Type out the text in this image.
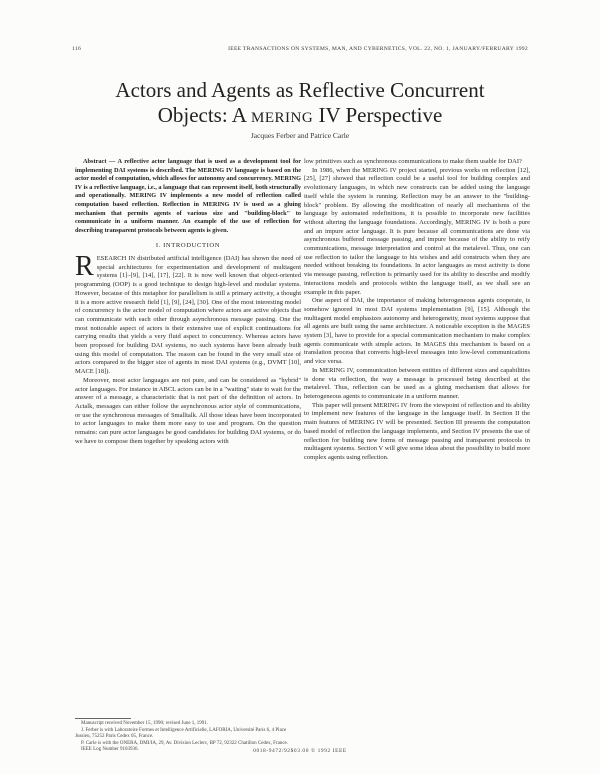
116	IEEE TRANSACTIONS ON SYSTEMS, MAN, AND CYBERNETICS, VOL. 22, NO. 1, JANUARY/FEBRUARY 1992
Actors and Agents as Reflective Concurrent
Objects: A MERING IV Perspective
Jacques Ferber and Patrice Carle

Abstract — A reflective actor language that is used as a development tool for implementing DAI systems is described. The MERING IV language is based on the actor model of computation, which allows for autonomy and concurrency. MERING IV is a reflective language, i.e., a language that can represent itself, both structurally and operationally. MERING IV implements a new model of reflection called computation based reflection. Reflection in MERING IV is used as a gluing mechanism that permits agents of various size and "building-block" to communicate in a uniform manner. An example of the use of reflection for describing transparent protocols between agents is given.

I. INTRODUCTION

RESEARCH IN distributed artificial intelligence (DAI) has shown the need of special architectures for experimentation and development of multiagent systems [1]–[9], [14], [17], [22]. It is now well known that object-oriented programming (OOP) is a good technique to design high-level and modular systems. However, because of this metaphor for parallelism is still a primary activity, a thought it is a more active research field [1], [9], [24], [30]. One of the most interesting model of concurrency is the actor model of computation where actors are active objects that can communicate with each other through asynchronous message passing. One the most noticeable aspect of actors is their extensive use of explicit continuations for carrying results that yields a very fluid aspect to concurrency. Whereas actors have been proposed for building DAI systems, no such systems have been already built using this model of computation. The reason can be found in the very small size of actors compared to the bigger size of agents in most DAI systems (e.g., DVMT [10], MACE [18]).

Moreover, most actor languages are not pure, and can be considered as "hybrid" actor languages. For instance in ABCL actors can be in a "waiting" state to wait for the answer of a message, a characteristic that is not part of the definition of actors. In Actalk, messages can either follow the asynchronous actor style of communications, or use the synchronous messages of Smalltalk. All those ideas have been incorporated to actor languages to make them more easy to use and program. On the question remains: can pure actor languages be good candidates for building DAI systems, or do we have to compose them together by speaking actors with

low primitives such as synchronous communications to make them usable for DAI?

In 1986, when the MERING IV project started, previous works on reflection [12], [25], [27] showed that reflection could be a useful tool for building complex and evolutionary languages, in which new constructs can be added using the language itself while the system is running. Reflection may be an answer to the "building-block" problem. By allowing the modification of nearly all mechanisms of the language by automated redefinitions, it is possible to incorporate new facilities without altering the language foundations. Accordingly, MERING IV is both a pure and an impure actor language. It is pure because all communications are done via asynchronous buffered message passing, and impure because of the ability to reify communications, message interpretation and control at the metalevel. Thus, one can use reflection to tailor the language to his wishes and add constructs when they are needed without breaking its foundations. In actor languages as most activity is done via message passing, reflection is primarily used for its ability to describe and modify interactions models and protocols within the language itself, as we shall see an example in this paper.

One aspect of DAI, the importance of making heterogeneous agents cooperate, is somehow ignored in most DAI systems implementation [9], [15]. Although the multiagent model emphasizes autonomy and heterogeneity, most systems suppose that all agents are built using the same architecture. A noticeable exception is the MAGES system [3], have to provide for a special communication mechanism to make complex agents communicate with simple actors. In MAGES this mechanism is based on a translation process that converts high-level messages into low-level communications and vice versa.

In MERING IV, communication between entities of different sizes and capabilities is done via reflection, the way a message is processed being described at the metalevel. Thus, reflection can be used as a gluing mechanism that allows for heterogeneous agents to communicate in a uniform manner.

This paper will present MERING IV from the viewpoint of reflection and its ability to implement new features of the language in the language itself. In Section II the main features of MERING IV will be presented. Section III presents the computation based model of reflection the language implements, and Section IV presents the use of reflection for building new forms of message passing and transparent protocols in multiagent systems. Section V will give some ideas about the possibility to build more complex agents using reflection.

Manuscript received November 15, 1990; revised June 1, 1991.

J. Ferber is with Laboratoire Formes et Intelligence Artificielle, LAFORIA, Université Paris 6, 4 Place Jussieu, 75252 Paris Cedex 05, France.

P. Carle is with the ONERA, DMI/IA, 29, Av. Division Leclerc, BP 72, 92322 Chatillon Cedex, France.

IEEE Log Number 9103936.	0018-9472/92$03.00 © 1992 IEEE
